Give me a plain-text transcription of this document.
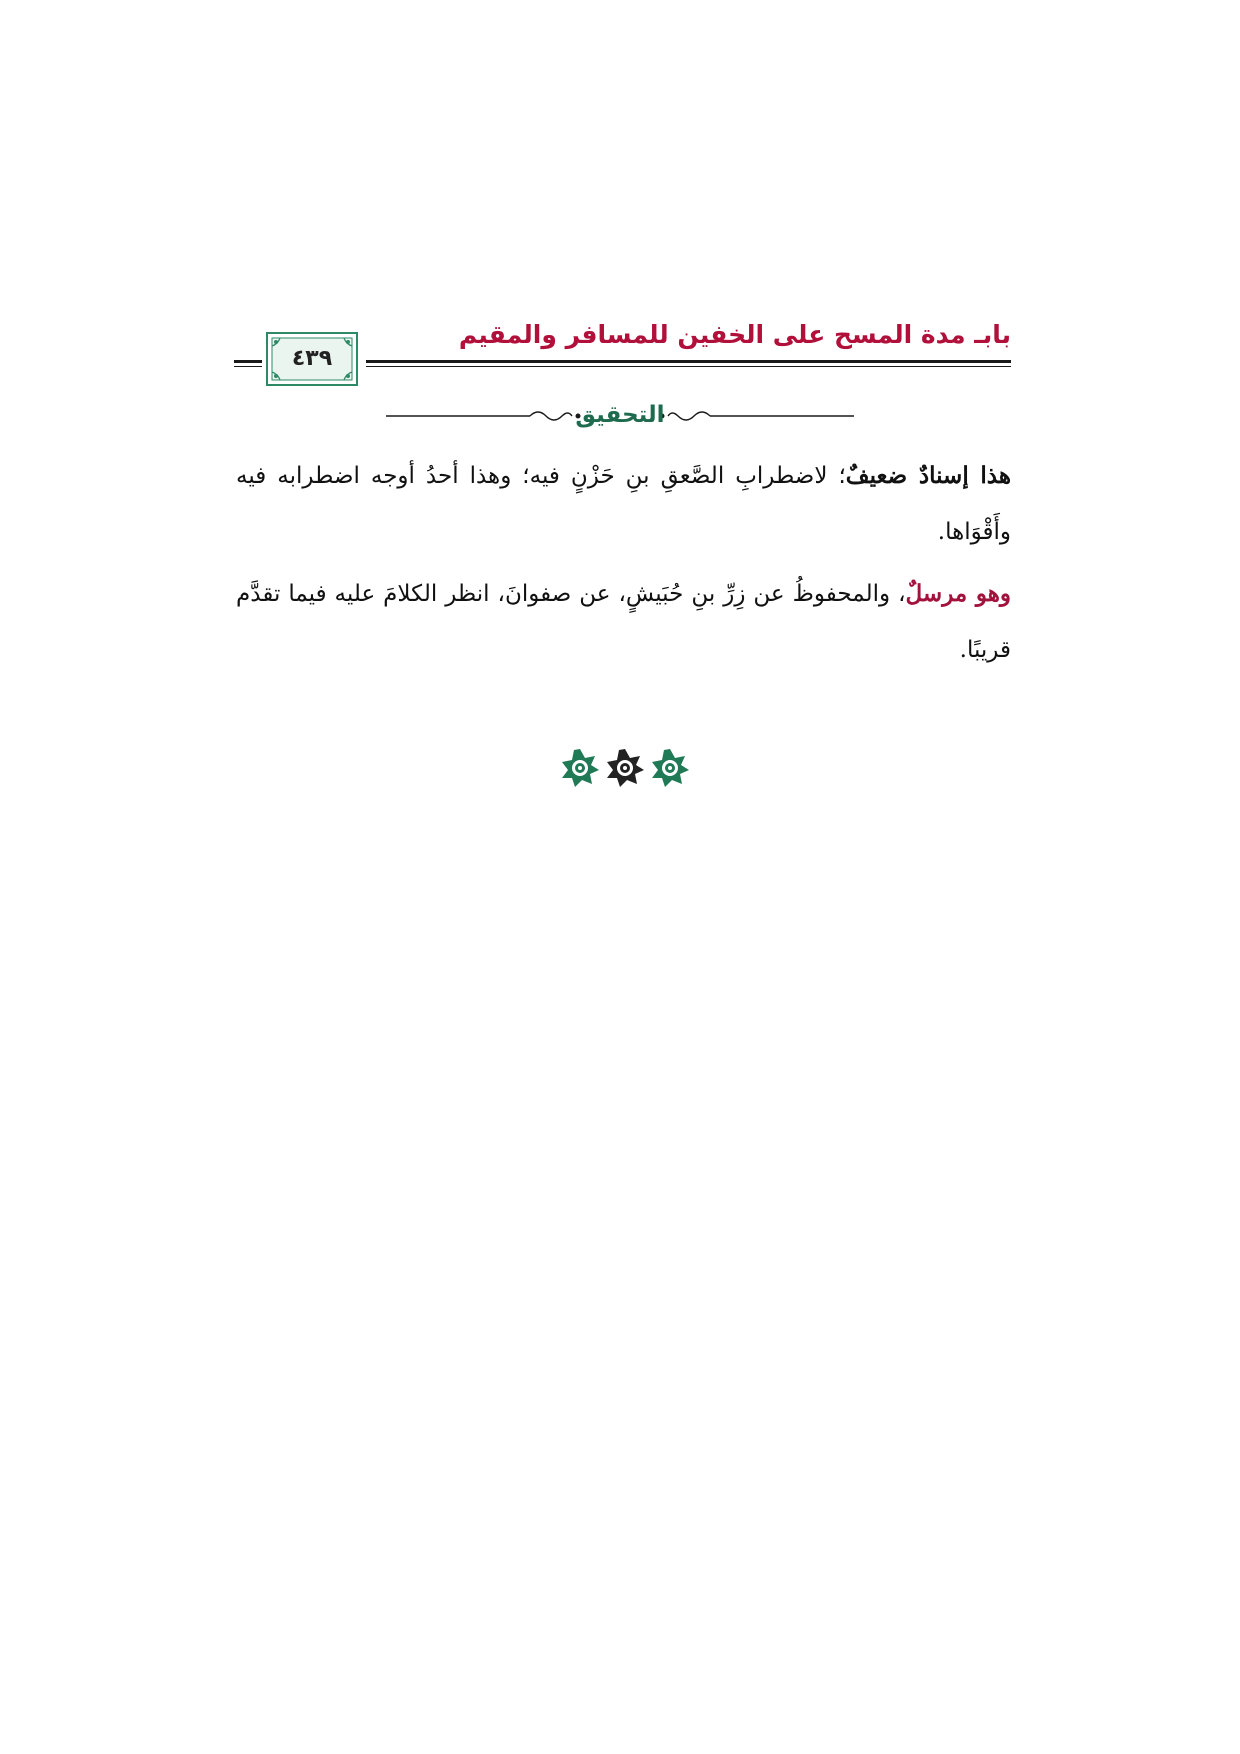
بابـ مدة المسح على الخفين للمسافر والمقيم
٤٣٩
التحقيق

هذا إسنادٌ ضعيفٌ؛ لاضطرابِ الصَّعقِ بنِ حَزْنٍ فيه؛ وهذا أحدُ أوجه اضطرابه فيه وأَقْوَاها.

وهو مرسلٌ، والمحفوظُ عن زِرِّ بنِ حُبَيشٍ، عن صفوانَ، انظر الكلامَ عليه فيما تقدَّم قريبًا.
